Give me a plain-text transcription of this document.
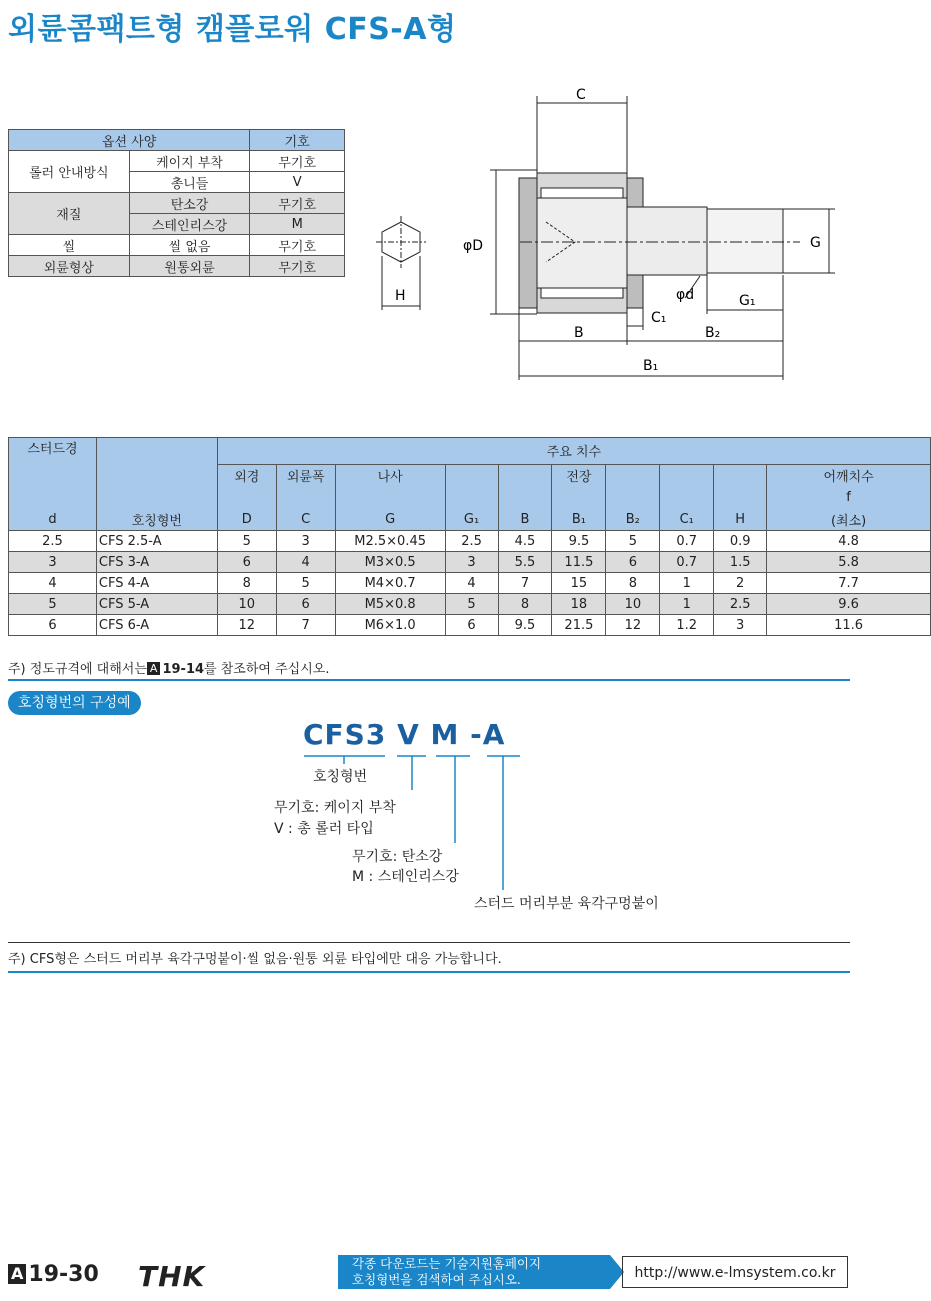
외륜콤팩트형 캠플로워 CFS-A형
옵션 사양		기호
롤러 안내방식	케이지 부착	무기호
	총니들	V
재질	탄소강	무기호
	스테인리스강	M
씰	씰 없음	무기호
외륜형상	원통외륜	무기호
C
φD	G
φd	G₁
C₁
B	B₂
B₁
H
스터드경		주요 치수									
		외경	외륜폭	나사			전장				어깨치수
											f
d	호칭형번	D	C	G	G₁	B	B₁	B₂	C₁	H	(최소)
2.5	CFS 2.5-A	5	3	M2.5×0.45	2.5	4.5	9.5	5	0.7	0.9	4.8
3	CFS 3-A	6	4	M3×0.5	3	5.5	11.5	6	0.7	1.5	5.8
4	CFS 4-A	8	5	M4×0.7	4	7	15	8	1	2	7.7
5	CFS 5-A	10	6	M5×0.8	5	8	18	10	1	2.5	9.6
6	CFS 6-A	12	7	M6×1.0	6	9.5	21.5	12	1.2	3	11.6
주) 정도규격에 대해서는 A 19-14를 참조하여 주십시오.
호칭형번의 구성예
CFS3 V M -A
호칭형번
무기호: 케이지 부착
V : 총 롤러 타입
무기호: 탄소강
M : 스테인리스강
스터드 머리부분 육각구멍붙이
주) CFS형은 스터드 머리부 육각구멍붙이·씰 없음·원통 외륜 타입에만 대응 가능합니다.
A 19-30 THK	각종 다운로드는 기술지원홈페이지
호칭형번을 검색하여 주십시오.	http://www.e-lmsystem.co.kr
